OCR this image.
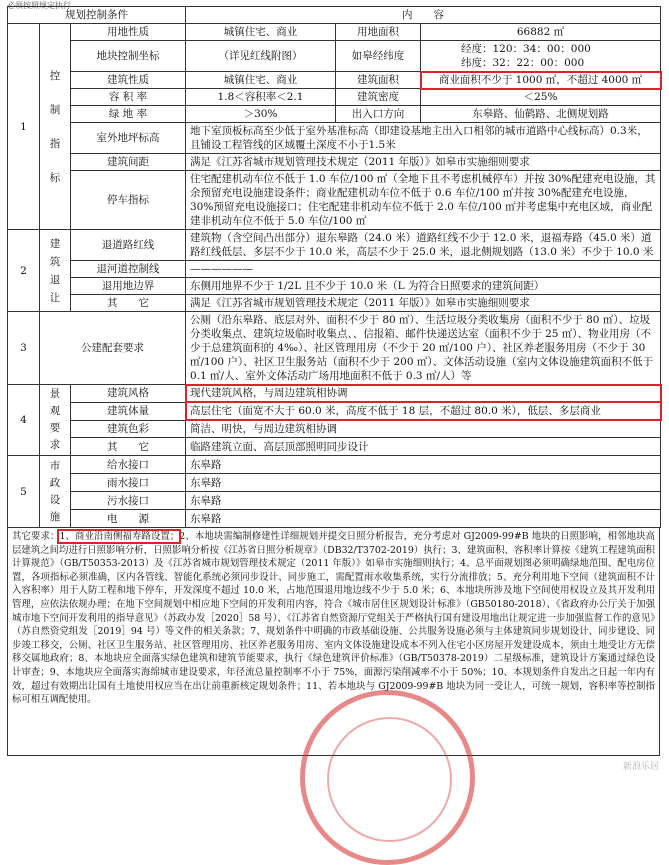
必须按照规定执行
规划控制条件			内　　容		
1	控制指标	用地性质	城镇住宅、商业	用地面积	66882 ㎡
		地块控制坐标	（详见红线附图）	如皋经纬度	经度：120：34：00：000
纬度：32：22：00：000

		建筑性质	城镇住宅、商业	建筑面积	商业面积不少于 1000 ㎡，不超过 4000 ㎡
		容 积 率	1.8＜容积率＜2.1	建筑密度	＜25%
		绿 地 率	＞30%	出入口方向	东皋路、仙鹤路、北侧规划路
		室外地坪标高	地下室顶板标高至少低于室外基准标高（即建设基地主出入口相邻的城市道路中心线标高）0.3米，且铺设工程管线的区域覆土深度不小于1.5米		
		建筑间距	满足《江苏省城市规划管理技术规定（2011 年版）》如皋市实施细则要求		
		停车指标	住宅配建机动车位不低于 1.0 车位/100 ㎡（全地下且不考虑机械停车）并按 30%配建充电设施，其余预留充电设施建设条件；商业配建机动车位不低于 0.6 车位/100 ㎡并按 30%配建充电设施，30%预留充电设施接口；住宅配建非机动车位不低于 2.0 车位/100 ㎡并考虑集中充电区域，商业配建非机动车位不低于 5.0 车位/100 ㎡		

2	建筑退让	退道路红线	建筑物（含空间凸出部分）退东皋路（24.0 米）道路红线不少于 12.0 米，退福寿路（45.0 米）道路红线低层、多层不少于 10.0 米，高层不少于 25.0 米，退北侧规划路（13.0 米）不少于 10.0 米		
		退河道控制线	——————		
		退用地边界	东侧用地界不少于 1/2L 且不少于 10.0 米（L 为符合日照要求的建筑间距）		
		其　　它	满足《江苏省城市规划管理技术规定（2011 年版）》如皋市实施细则要求		
3	公建配套要求		公厕（沿东皋路、底层对外、面积不少于 80 ㎡）、生活垃圾分类收集房（面积不少于 80 ㎡）、垃圾分类收集点、建筑垃圾临时收集点、、信报箱、邮件快递送达室（面积不少于 25 ㎡）、物业用房（不少于总建筑面积的 4‰）、社区管理用房（不少于 20 ㎡/100 户）、社区养老服务用房（不少于 30 ㎡/100 户）、社区卫生服务站（面积不少于 200 ㎡）、文体活动设施（室内文体设施建筑面积不低于 0.1 ㎡/人、室外文体活动广场用地面积不低于 0.3 ㎡/人）等		
4	景观要求	建筑风格	现代建筑风格，与周边建筑相协调		
		建筑体量	高层住宅（面宽不大于 60.0 米，高度不低于 18 层，不超过 80.0 米），低层、多层商业		
		建筑色彩	简洁、明快，与周边建筑相协调		
		其　　它	临路建筑立面、高层顶部照明同步设计		
5	市政设施	给水接口	东皋路		
		雨水接口	东皋路		
		污水接口	东皋路		
		电　　源	东皋路		
其它要求：1、商业沿南侧福寿路设置；2、本地块需编制修建性详细规划并提交日照分析报告，充分考虑对 GJ2009-99#B 地块的日照影响，相邻地块高层建筑之间均进行日照影响分析，日照影响分析按《江苏省日照分析规章》（DB32/T3702-2019）执行；3、建筑面积、容积率计算按《建筑工程建筑面积计算规范》（GB/T50353-2013）及《江苏省城市规划管理技术规定（2011 年版）》如皋市实施细则执行；4、总平面规划图必须明确绿地范围、配电房位置，各项指标必须准确，区内各管线、智能化系统必须同步设计、同步施工，需配置雨水收集系统，实行分流排放；5、充分利用地下空间（建筑面积不计入容积率）用于人防工程和地下停车，开发深度不超过 10.0 米，占地范围退用地边线不少于 5.0 米；6、本地块所涉及地下空间使用权设立及其开发利用管理，应依法依规办理；在地下空间规划中相应地下空间的开发利用内容，符合《城市居住区规划设计标准》（GB50180-2018）、《省政府办公厅关于加强城市地下空间开发利用的指导意见》（苏政办发［2020］58 号）、《江苏省自然资源厅党组关于严格执行国有建设用地出让规定进一步加强监督工作的意见》（苏自然资党组发［2019］94 号）等文件的相关条款；7、规划条件中明确的市政基础设施、公共服务设施必须与主体建筑同步规划设计、同步建设、同步竣工移交，公厕、社区卫生服务站、社区管理用房、社区养老服务用房、室内文体设施建设成本不列入住宅小区房屋开发建设成本，须由土地受让方无偿移交属地政府；8、本地块应全面落实绿色建筑和建筑节能要求，执行《绿色建筑评价标准》（GB/T50378-2019）二星级标准，建筑设计方案通过绿色设计审查；9、本地块应全面落实海绵城市建设要求，年径流总量控制率不小于 75%，面源污染削减率不小于 50%；10、本规划条件自发出之日起一年内有效，超过有效期出让国有土地使用权应当在出让前重新核定规划条件；11、若本地块与 GJ2009-99#B 地块为同一受让人，可统一规划，容积率等控制指标可相互调配使用。
新浪乐居
